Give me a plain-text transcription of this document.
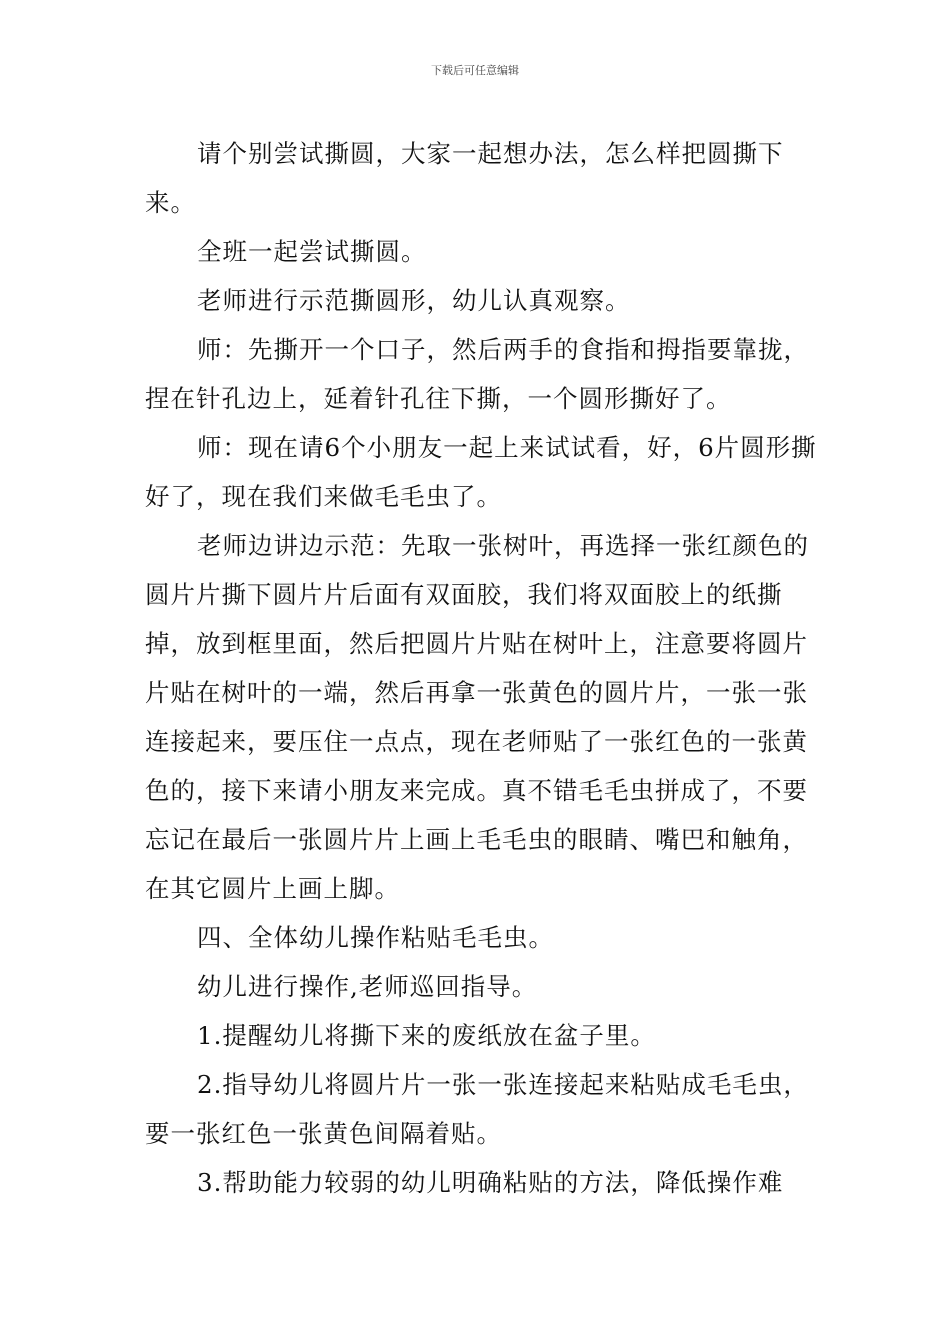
下载后可任意编辑

请个别尝试撕圆，大家一起想办法，怎么样把圆撕下来。

全班一起尝试撕圆。

老师进行示范撕圆形，幼儿认真观察。

师：先撕开一个口子，然后两手的食指和拇指要靠拢，捏在针孔边上，延着针孔往下撕，一个圆形撕好了。

师：现在请6个小朋友一起上来试试看，好，6片圆形撕好了，现在我们来做毛毛虫了。

老师边讲边示范：先取一张树叶，再选择一张红颜色的圆片片撕下圆片片后面有双面胶，我们将双面胶上的纸撕掉，放到框里面，然后把圆片片贴在树叶上，注意要将圆片片贴在树叶的一端，然后再拿一张黄色的圆片片，一张一张连接起来，要压住一点点，现在老师贴了一张红色的一张黄色的，接下来请小朋友来完成。真不错毛毛虫拼成了，不要忘记在最后一张圆片片上画上毛毛虫的眼睛、嘴巴和触角，在其它圆片上画上脚。

四、全体幼儿操作粘贴毛毛虫。

幼儿进行操作,老师巡回指导。

1.提醒幼儿将撕下来的废纸放在盆子里。

2.指导幼儿将圆片片一张一张连接起来粘贴成毛毛虫，要一张红色一张黄色间隔着贴。

3.帮助能力较弱的幼儿明确粘贴的方法，降低操作难
